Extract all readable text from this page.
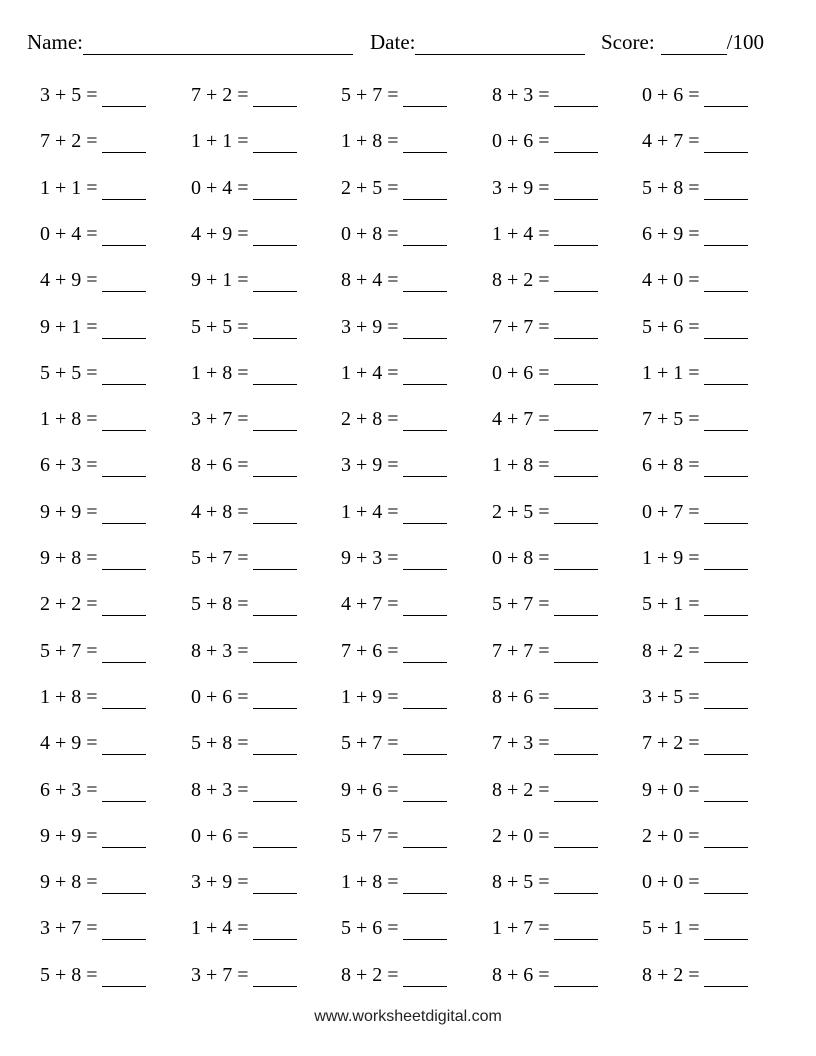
Name:	Date:	Score:	/100
3 + 5 =	7 + 2 =	5 + 7 =	8 + 3 =	0 + 6 =
7 + 2 =	1 + 1 =	1 + 8 =	0 + 6 =	4 + 7 =
1 + 1 =	0 + 4 =	2 + 5 =	3 + 9 =	5 + 8 =
0 + 4 =	4 + 9 =	0 + 8 =	1 + 4 =	6 + 9 =
4 + 9 =	9 + 1 =	8 + 4 =	8 + 2 =	4 + 0 =
9 + 1 =	5 + 5 =	3 + 9 =	7 + 7 =	5 + 6 =
5 + 5 =	1 + 8 =	1 + 4 =	0 + 6 =	1 + 1 =
1 + 8 =	3 + 7 =	2 + 8 =	4 + 7 =	7 + 5 =
6 + 3 =	8 + 6 =	3 + 9 =	1 + 8 =	6 + 8 =
9 + 9 =	4 + 8 =	1 + 4 =	2 + 5 =	0 + 7 =
9 + 8 =	5 + 7 =	9 + 3 =	0 + 8 =	1 + 9 =
2 + 2 =	5 + 8 =	4 + 7 =	5 + 7 =	5 + 1 =
5 + 7 =	8 + 3 =	7 + 6 =	7 + 7 =	8 + 2 =
1 + 8 =	0 + 6 =	1 + 9 =	8 + 6 =	3 + 5 =
4 + 9 =	5 + 8 =	5 + 7 =	7 + 3 =	7 + 2 =
6 + 3 =	8 + 3 =	9 + 6 =	8 + 2 =	9 + 0 =
9 + 9 =	0 + 6 =	5 + 7 =	2 + 0 =	2 + 0 =
9 + 8 =	3 + 9 =	1 + 8 =	8 + 5 =	0 + 0 =
3 + 7 =	1 + 4 =	5 + 6 =	1 + 7 =	5 + 1 =
5 + 8 =	3 + 7 =	8 + 2 =	8 + 6 =	8 + 2 =
www.worksheetdigital.com
